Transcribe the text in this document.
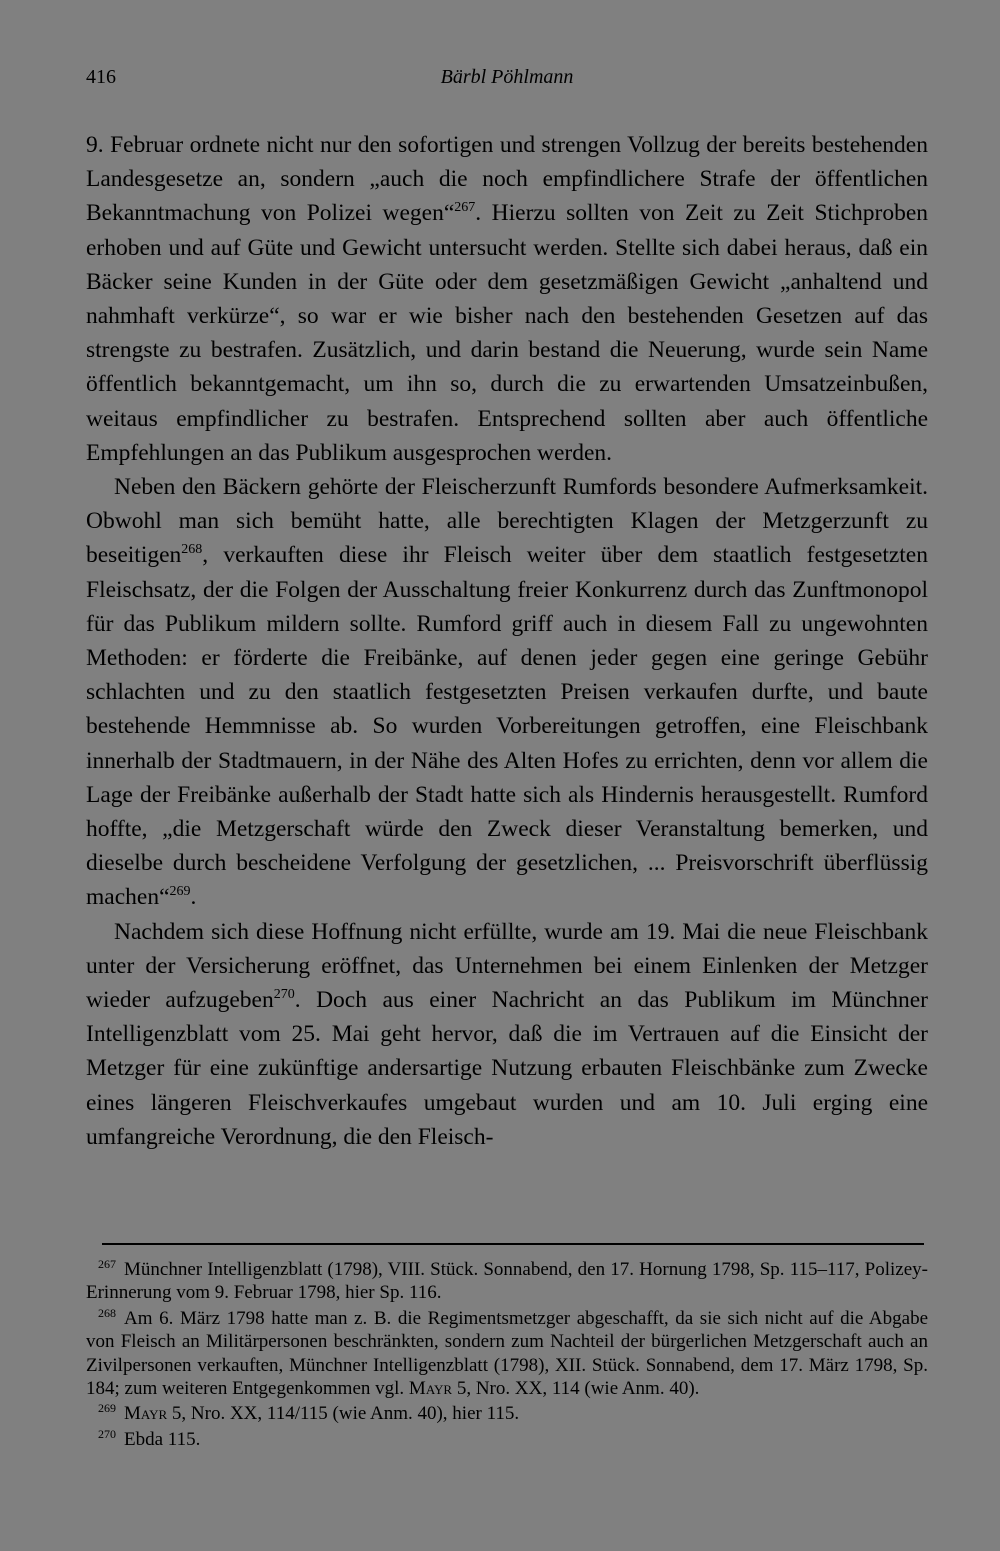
416	Bärbl Pöhlmann

9. Februar ordnete nicht nur den sofortigen und strengen Vollzug der bereits bestehenden Landesgesetze an, sondern „auch die noch empfindlichere Strafe der öffentlichen Bekanntmachung von Polizei wegen“$^{267}$. Hierzu sollten von Zeit zu Zeit Stichproben erhoben und auf Güte und Gewicht untersucht werden. Stellte sich dabei heraus, daß ein Bäcker seine Kunden in der Güte oder dem gesetzmäßigen Gewicht „anhaltend und nahmhaft verkürze“, so war er wie bisher nach den bestehenden Gesetzen auf das strengste zu bestrafen. Zusätzlich, und darin bestand die Neuerung, wurde sein Name öffentlich bekanntgemacht, um ihn so, durch die zu erwartenden Umsatzeinbußen, weitaus empfindlicher zu bestrafen. Entsprechend sollten aber auch öffentliche Empfehlungen an das Publikum ausgesprochen werden.

Neben den Bäckern gehörte der Fleischerzunft Rumfords besondere Aufmerksamkeit. Obwohl man sich bemüht hatte, alle berechtigten Klagen der Metzgerzunft zu beseitigen$^{268}$, verkauften diese ihr Fleisch weiter über dem staatlich festgesetzten Fleischsatz, der die Folgen der Ausschaltung freier Konkurrenz durch das Zunftmonopol für das Publikum mildern sollte. Rumford griff auch in diesem Fall zu ungewohnten Methoden: er förderte die Freibänke, auf denen jeder gegen eine geringe Gebühr schlachten und zu den staatlich festgesetzten Preisen verkaufen durfte, und baute bestehende Hemmnisse ab. So wurden Vorbereitungen getroffen, eine Fleischbank innerhalb der Stadtmauern, in der Nähe des Alten Hofes zu errichten, denn vor allem die Lage der Freibänke außerhalb der Stadt hatte sich als Hindernis herausgestellt. Rumford hoffte, „die Metzgerschaft würde den Zweck dieser Veranstaltung bemerken, und dieselbe durch bescheidene Verfolgung der gesetzlichen, ... Preisvorschrift überflüssig machen“$^{269}$.

Nachdem sich diese Hoffnung nicht erfüllte, wurde am 19. Mai die neue Fleischbank unter der Versicherung eröffnet, das Unternehmen bei einem Einlenken der Metzger wieder aufzugeben$^{270}$. Doch aus einer Nachricht an das Publikum im Münchner Intelligenzblatt vom 25. Mai geht hervor, daß die im Vertrauen auf die Einsicht der Metzger für eine zukünftige andersartige Nutzung erbauten Fleischbänke zum Zwecke eines längeren Fleischverkaufes umgebaut wurden und am 10. Juli erging eine umfangreiche Verordnung, die den Fleisch-

$^{267}$ Münchner Intelligenzblatt (1798), VIII. Stück. Sonnabend, den 17. Hornung 1798, Sp. 115–117, Polizey-Erinnerung vom 9. Februar 1798, hier Sp. 116.

$^{268}$ Am 6. März 1798 hatte man z. B. die Regimentsmetzger abgeschafft, da sie sich nicht auf die Abgabe von Fleisch an Militärpersonen beschränkten, sondern zum Nachteil der bürgerlichen Metzgerschaft auch an Zivilpersonen verkauften, Münchner Intelligenzblatt (1798), XII. Stück. Sonnabend, dem 17. März 1798, Sp. 184; zum weiteren Entgegenkommen vgl. Mayr 5, Nro. XX, 114 (wie Anm. 40).

$^{269}$ Mayr 5, Nro. XX, 114/115 (wie Anm. 40), hier 115.

$^{270}$ Ebda 115.
